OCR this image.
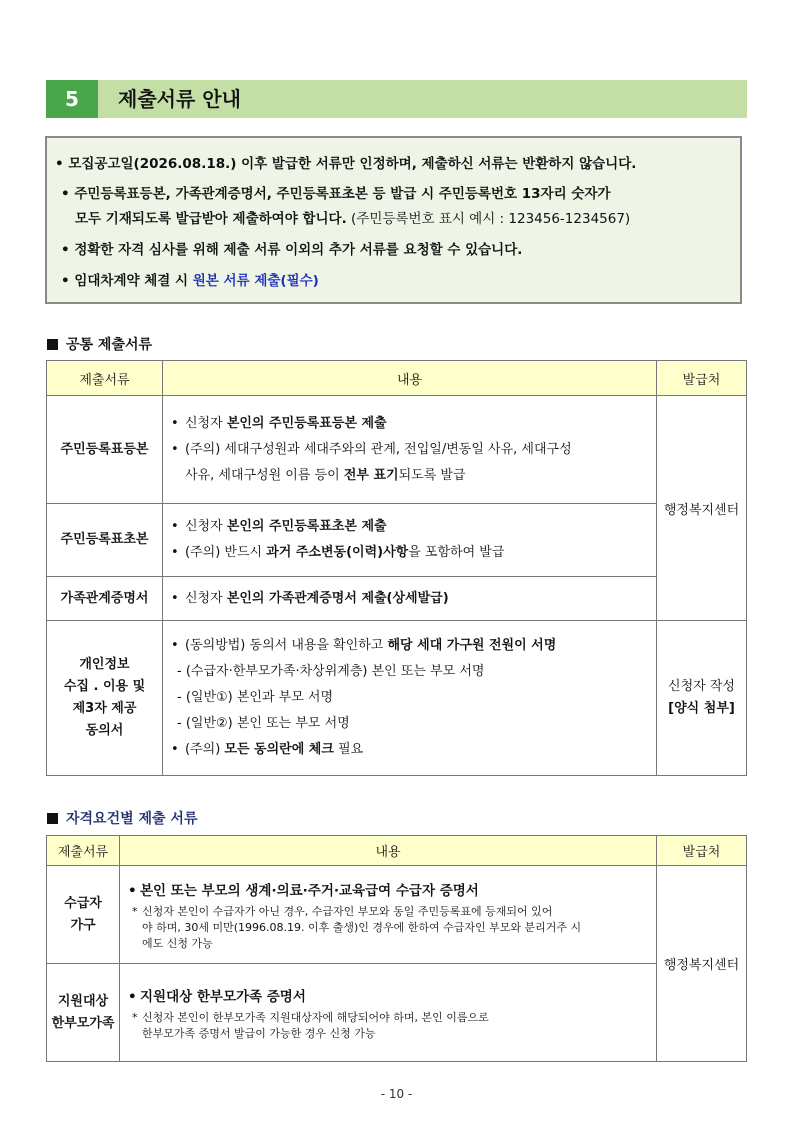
5	제출서류 안내
• 모집공고일(2026.08.18.) 이후 발급한 서류만 인정하며, 제출하신 서류는 반환하지 않습니다.
• 주민등록표등본, 가족관계증명서, 주민등록표초본 등 발급 시 주민등록번호 13자리 숫자가
모두 기재되도록 발급받아 제출하여야 합니다. (주민등록번호 표시 예시 : 123456-1234567)
• 정확한 자격 심사를 위해 제출 서류 이외의 추가 서류를 요청할 수 있습니다.
• 임대차계약 체결 시 원본 서류 제출(필수)
공통 제출서류
제출서류	내용	발급처
주민등록표등본	• 신청자 본인의 주민등록표등본 제출
• (주의) 세대구성원과 세대주와의 관계, 전입일/변동일 사유, 세대구성
사유, 세대구성원 이름 등이 전부 표기되도록 발급	행정복지센터
주민등록표초본	• 신청자 본인의 주민등록표초본 제출
• (주의) 반드시 과거 주소변동(이력)사항을 포함하여 발급

가족관계증명서	• 신청자 본인의 가족관계증명서 제출(상세발급)

개인정보
수집 . 이용 및
제3자 제공
동의서	• (동의방법) 동의서 내용을 확인하고 해당 세대 가구원 전원이 서명
- (수급자·한부모가족·차상위계층) 본인 또는 부모 서명
- (일반①) 본인과 부모 서명
- (일반②) 본인 또는 부모 서명
• (주의) 모든 동의란에 체크 필요	신청자 작성
[양식 첨부]
자격요건별 제출 서류
제출서류	내용	발급처

수급자
가구	• 본인 또는 부모의 생계·의료·주거·교육급여 수급자 증명서
* 신청자 본인이 수급자가 아닌 경우, 수급자인 부모와 동일 주민등록표에 등재되어 있어
야 하며, 30세 미만(1996.08.19. 이후 출생)인 경우에 한하여 수급자인 부모와 분리거주 시
에도 신청 가능	행정복지센터

지원대상
한부모가족	• 지원대상 한부모가족 증명서
* 신청자 본인이 한부모가족 지원대상자에 해당되어야 하며, 본인 이름으로
한부모가족 증명서 발급이 가능한 경우 신청 가능
- 10 -
